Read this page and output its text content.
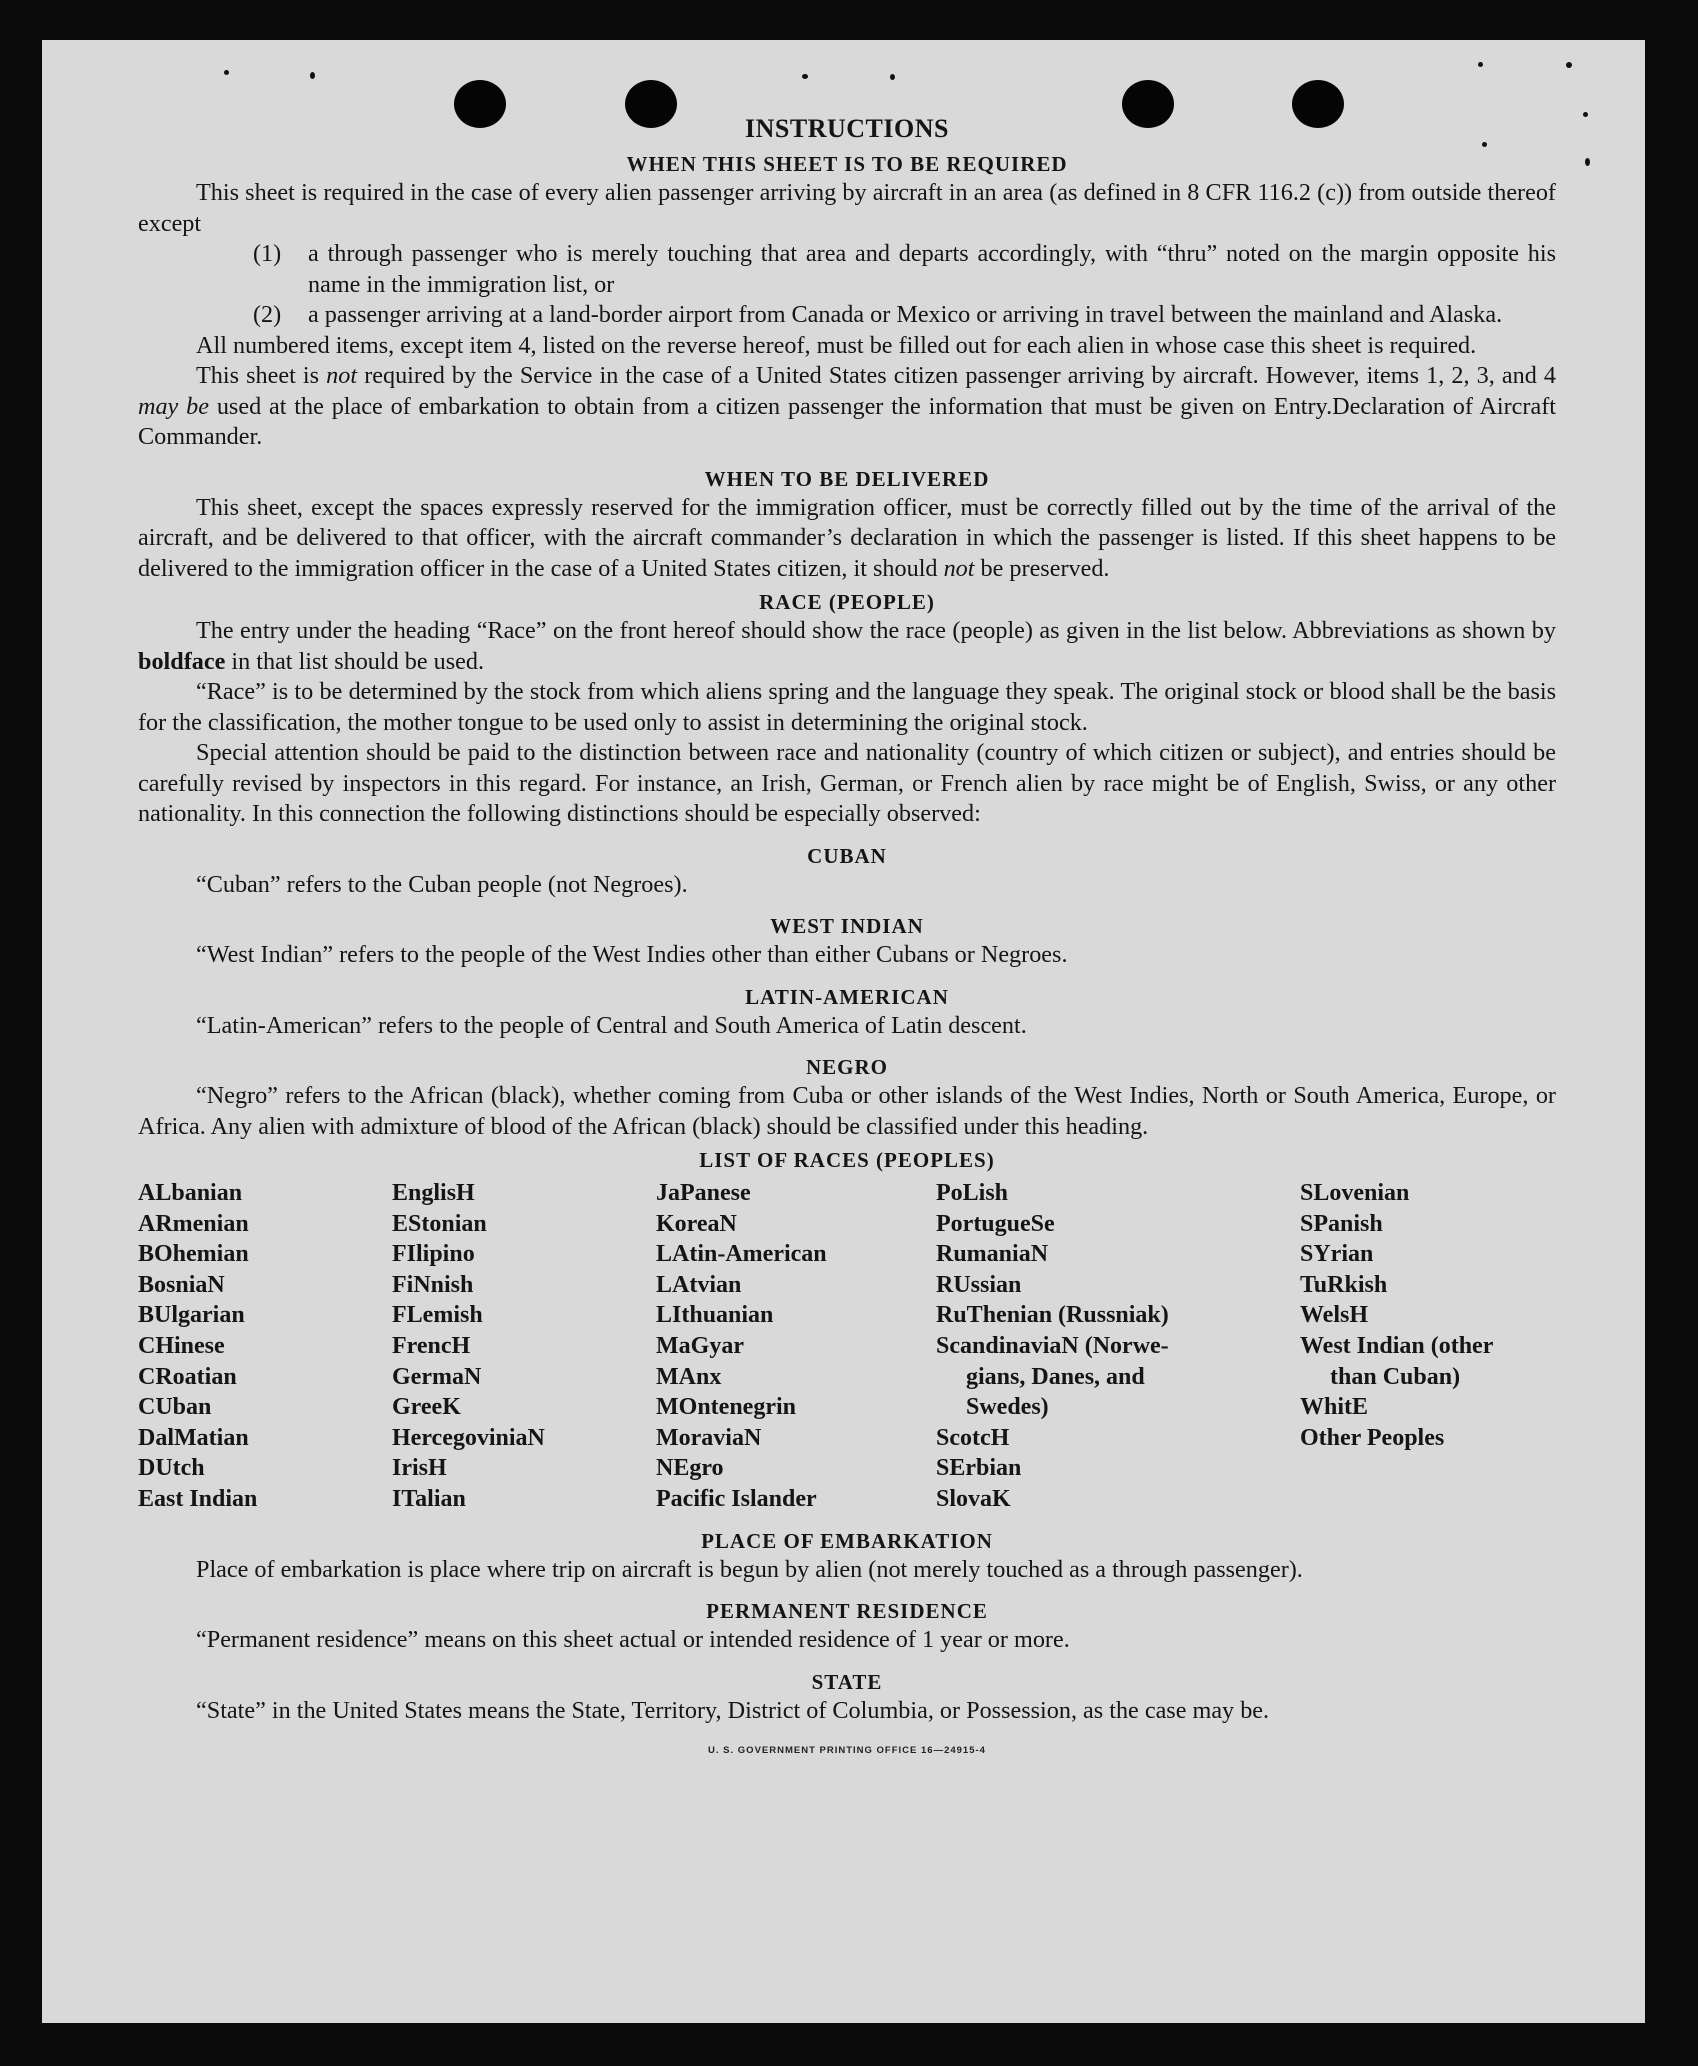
INSTRUCTIONS
WHEN THIS SHEET IS TO BE REQUIRED

This sheet is required in the case of every alien passenger arriving by aircraft in an area (as defined in 8 CFR 116.2 (c)) from outside thereof except

(1)	a through passenger who is merely touching that area and departs accordingly, with “thru” noted on the margin opposite his name in the immigration list, or
(2)	a passenger arriving at a land-border airport from Canada or Mexico or arriving in travel between the mainland and Alaska.

All numbered items, except item 4, listed on the reverse hereof, must be filled out for each alien in whose case this sheet is required.

This sheet is not required by the Service in the case of a United States citizen passenger arriving by aircraft. However, items 1, 2, 3, and 4 may be used at the place of embarkation to obtain from a citizen passenger the information that must be given on Entry.Declaration of Aircraft Commander.

WHEN TO BE DELIVERED

This sheet, except the spaces expressly reserved for the immigration officer, must be correctly filled out by the time of the arrival of the aircraft, and be delivered to that officer, with the aircraft commander’s declaration in which the passenger is listed. If this sheet happens to be delivered to the immigration officer in the case of a United States citizen, it should not be preserved.

RACE (PEOPLE)

The entry under the heading “Race” on the front hereof should show the race (people) as given in the list below. Abbreviations as shown by boldface in that list should be used.

“Race” is to be determined by the stock from which aliens spring and the language they speak. The original stock or blood shall be the basis for the classification, the mother tongue to be used only to assist in determining the original stock.

Special attention should be paid to the distinction between race and nationality (country of which citizen or subject), and entries should be carefully revised by inspectors in this regard. For instance, an Irish, German, or French alien by race might be of English, Swiss, or any other nationality. In this connection the following distinctions should be especially observed:

CUBAN

“Cuban” refers to the Cuban people (not Negroes).

WEST INDIAN

“West Indian” refers to the people of the West Indies other than either Cubans or Negroes.

LATIN-AMERICAN

“Latin-American” refers to the people of Central and South America of Latin descent.

NEGRO

“Negro” refers to the African (black), whether coming from Cuba or other islands of the West Indies, North or South America, Europe, or Africa. Any alien with admixture of blood of the African (black) should be classified under this heading.

LIST OF RACES (PEOPLES)
ALbanian
ARmenian
BOhemian
BosniaN
BUlgarian
CHinese
CRoatian
CUban
DalMatian
DUtch
East Indian
EnglisH
EStonian
FIlipino
FiNnish
FLemish
FrencH
GermaN
GreeK
HercegoviniaN
IrisH
ITalian
JaPanese
KoreaN
LAtin-American
LAtvian
LIthuanian
MaGyar
MAnx
MOntenegrin
MoraviaN
NEgro
Pacific Islander
PoLish
PortugueSe
RumaniaN
RUssian
RuThenian (Russniak)
ScandinaviaN (Norwe-
gians, Danes, and
Swedes)
ScotcH
SErbian
SlovaK
SLovenian
SPanish
SYrian
TuRkish
WelsH
West Indian (other
than Cuban)
WhitE
Other Peoples
PLACE OF EMBARKATION

Place of embarkation is place where trip on aircraft is begun by alien (not merely touched as a through passenger).

PERMANENT RESIDENCE

“Permanent residence” means on this sheet actual or intended residence of 1 year or more.

STATE

“State” in the United States means the State, Territory, District of Columbia, or Possession, as the case may be.

U. S. GOVERNMENT PRINTING OFFICE 16—24915-4
